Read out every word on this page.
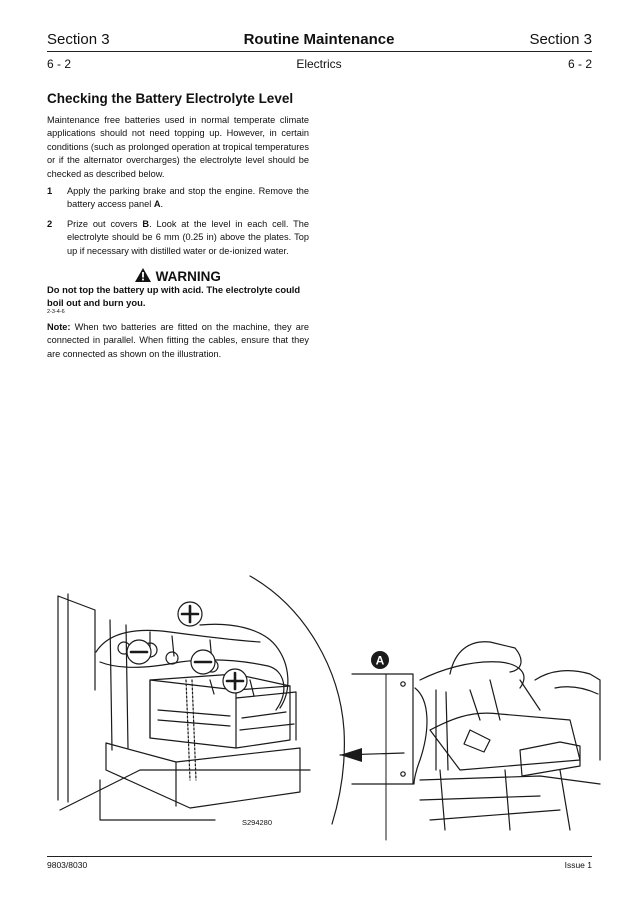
Section 3	Routine Maintenance	Section 3
6 - 2	Electrics	6 - 2
Checking the Battery Electrolyte Level
Maintenance free batteries used in normal temperate climate applications should not need topping up. However, in certain conditions (such as prolonged operation at tropical temperatures or if the alternator overcharges) the electrolyte level should be checked as described below.
1 Apply the parking brake and stop the engine. Remove the battery access panel A.
2 Prize out covers B. Look at the level in each cell. The electrolyte should be 6 mm (0.25 in) above the plates. Top up if necessary with distilled water or de-ionized water.
WARNING
Do not top the battery up with acid. The electrolyte could boil out and burn you.
2-3-4-6
Note: When two batteries are fitted on the machine, they are connected in parallel. When fitting the cables, ensure that they are connected as shown on the illustration.
A
S294280
9803/8030	Issue 1
